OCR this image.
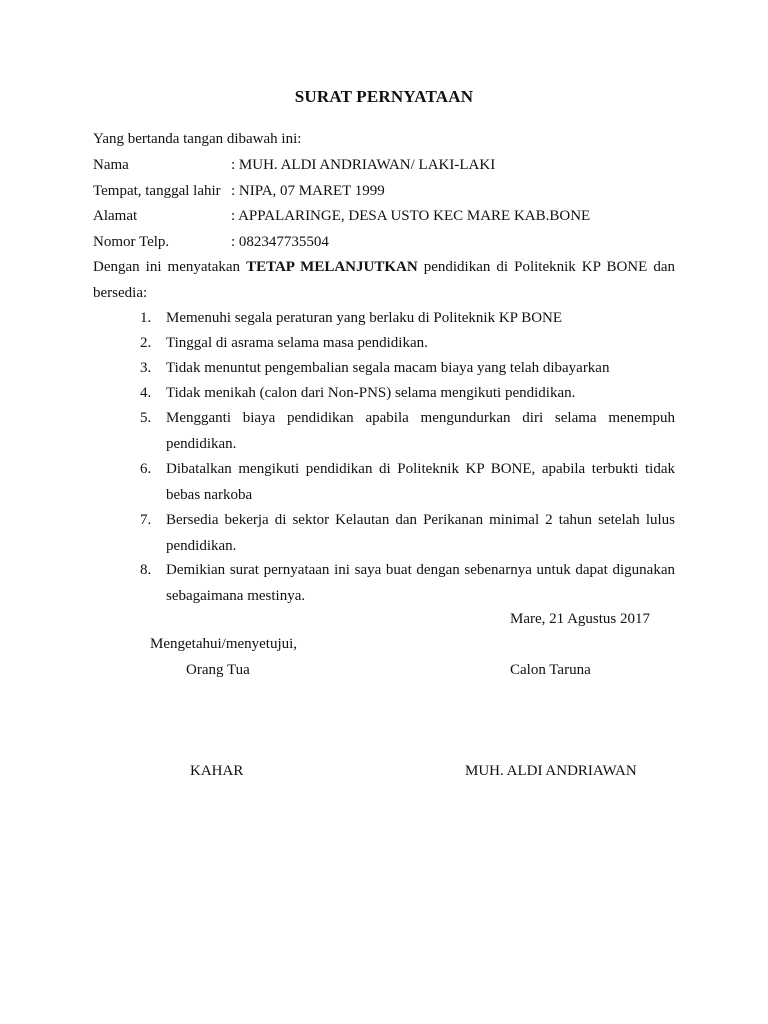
SURAT PERNYATAAN
Yang bertanda tangan dibawah ini:
Nama	: MUH. ALDI ANDRIAWAN/ LAKI-LAKI
Tempat, tanggal lahir : NIPA, 07 MARET 1999
Alamat	: APPALARINGE, DESA USTO KEC MARE KAB.BONE
Nomor Telp.	: 082347735504
Dengan ini menyatakan TETAP MELANJUTKAN pendidikan di Politeknik KP BONE dan bersedia:
1. Memenuhi segala peraturan yang berlaku di Politeknik KP BONE
2. Tinggal di asrama selama masa pendidikan.
3. Tidak menuntut pengembalian segala macam biaya yang telah dibayarkan
4. Tidak menikah (calon dari Non-PNS) selama mengikuti pendidikan.
5. Mengganti biaya pendidikan apabila mengundurkan diri selama menempuh pendidikan.
6. Dibatalkan mengikuti pendidikan di Politeknik KP BONE, apabila terbukti tidak bebas narkoba
7. Bersedia bekerja di sektor Kelautan dan Perikanan minimal 2 tahun setelah lulus pendidikan.
8. Demikian surat pernyataan ini saya buat dengan sebenarnya untuk dapat digunakan sebagaimana mestinya.
Mare, 21 Agustus 2017
Mengetahui/menyetujui,
Orang Tua	Calon Taruna
KAHAR	MUH. ALDI ANDRIAWAN
